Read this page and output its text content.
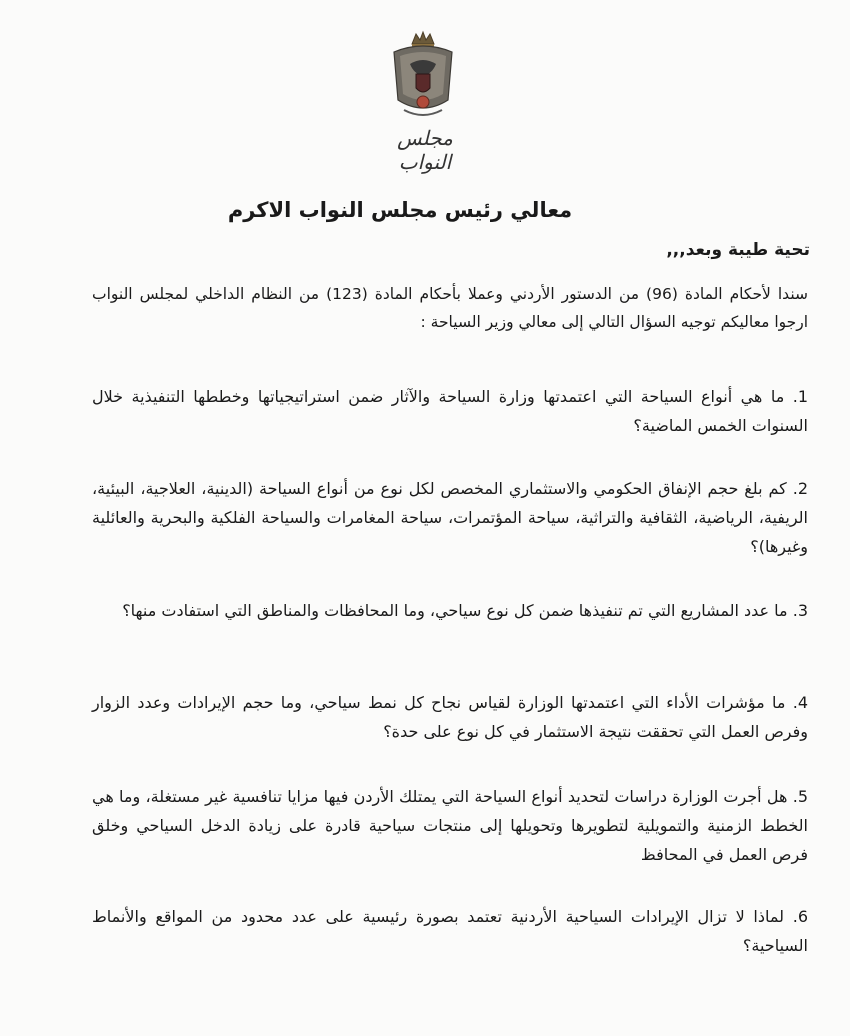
مجلس النواب
معالي رئيس مجلس النواب الاكرم
تحية طيبة وبعد,,,
سندا لأحكام المادة (96) من الدستور الأردني وعملا بأحكام المادة (123) من النظام الداخلي لمجلس النواب ارجوا معاليكم توجيه السؤال التالي إلى معالي وزير السياحة :
1. ما هي أنواع السياحة التي اعتمدتها وزارة السياحة والآثار ضمن استراتيجياتها وخططها التنفيذية خلال السنوات الخمس الماضية؟
2. كم بلغ حجم الإنفاق الحكومي والاستثماري المخصص لكل نوع من أنواع السياحة (الدينية، العلاجية، البيئية، الريفية، الرياضية، الثقافية والتراثية، سياحة المؤتمرات، سياحة المغامرات والسياحة الفلكية والبحرية والعائلية وغيرها)؟
3. ما عدد المشاريع التي تم تنفيذها ضمن كل نوع سياحي، وما المحافظات والمناطق التي استفادت منها؟
4. ما مؤشرات الأداء التي اعتمدتها الوزارة لقياس نجاح كل نمط سياحي، وما حجم الإيرادات وعدد الزوار وفرص العمل التي تحققت نتيجة الاستثمار في كل نوع على حدة؟
5. هل أجرت الوزارة دراسات لتحديد أنواع السياحة التي يمتلك الأردن فيها مزايا تنافسية غير مستغلة، وما هي الخطط الزمنية والتمويلية لتطويرها وتحويلها إلى منتجات سياحية قادرة على زيادة الدخل السياحي وخلق فرص العمل في المحافظ
6. لماذا لا تزال الإيرادات السياحية الأردنية تعتمد بصورة رئيسية على عدد محدود من المواقع والأنماط السياحية؟
